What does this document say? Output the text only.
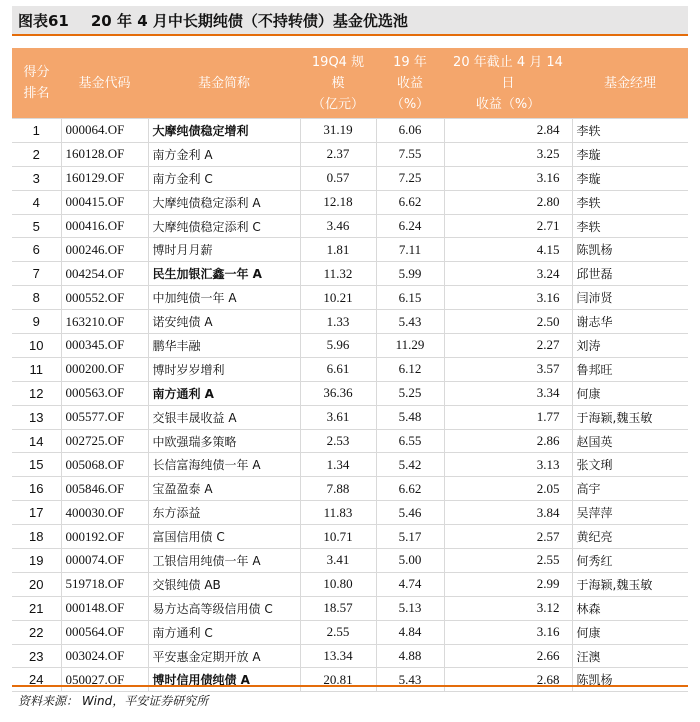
图表61 20 年 4 月中长期纯债（不持转债）基金优选池
得分
排名	基金代码	基金简称	19Q4 规
模
（亿元）	19 年
收益
（%）	20 年截止 4 月 14
日
收益（%）	基金经理
1	000064.OF	大摩纯债稳定增利	31.19	6.06	2.84	李轶
2	160128.OF	南方金利 A	2.37	7.55	3.25	李璇
3	160129.OF	南方金利 C	0.57	7.25	3.16	李璇
4	000415.OF	大摩纯债稳定添利 A	12.18	6.62	2.80	李轶
5	000416.OF	大摩纯债稳定添利 C	3.46	6.24	2.71	李轶
6	000246.OF	博时月月薪	1.81	7.11	4.15	陈凯杨
7	004254.OF	民生加银汇鑫一年 A	11.32	5.99	3.24	邱世磊
8	000552.OF	中加纯债一年 A	10.21	6.15	3.16	闫沛贤
9	163210.OF	诺安纯债 A	1.33	5.43	2.50	谢志华
10	000345.OF	鹏华丰融	5.96	11.29	2.27	刘涛
11	000200.OF	博时岁岁增利	6.61	6.12	3.57	鲁邦旺
12	000563.OF	南方通利 A	36.36	5.25	3.34	何康
13	005577.OF	交银丰晟收益 A	3.61	5.48	1.77	于海颖,魏玉敏
14	002725.OF	中欧强瑞多策略	2.53	6.55	2.86	赵国英
15	005068.OF	长信富海纯债一年 A	1.34	5.42	3.13	张文琍
16	005846.OF	宝盈盈泰 A	7.88	6.62	2.05	高宇
17	400030.OF	东方添益	11.83	5.46	3.84	吴萍萍
18	000192.OF	富国信用债 C	10.71	5.17	2.57	黄纪亮
19	000074.OF	工银信用纯债一年 A	3.41	5.00	2.55	何秀红
20	519718.OF	交银纯债 AB	10.80	4.74	2.99	于海颖,魏玉敏
21	000148.OF	易方达高等级信用债 C	18.57	5.13	3.12	林森
22	000564.OF	南方通利 C	2.55	4.84	3.16	何康
23	003024.OF	平安惠金定期开放 A	13.34	4.88	2.66	汪澳
24	050027.OF	博时信用债纯债 A	20.81	5.43	2.68	陈凯杨
资料来源： Wind，平安证券研究所
